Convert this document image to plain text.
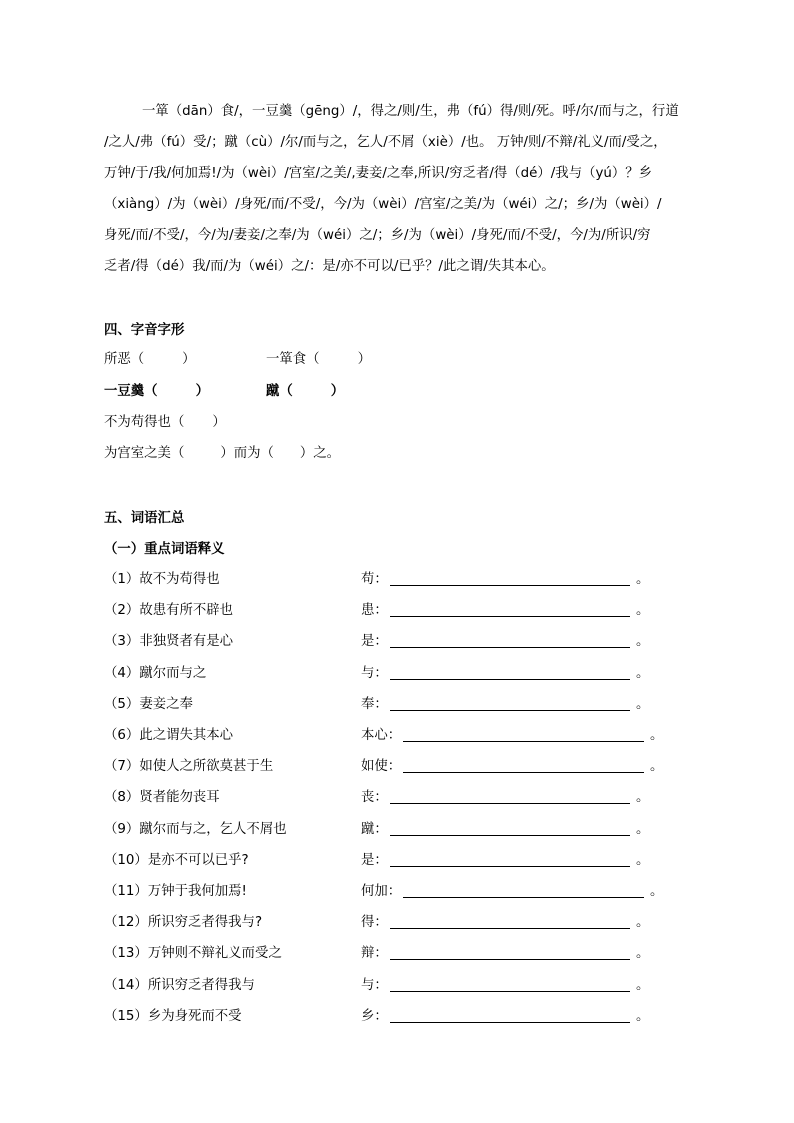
一箪（dān）食/，一豆羹（gēng）/，得之/则/生，弗（fú）得/则/死。呼/尔/而与之，行道
/之人/弗（fú）受/；蹴（cù）/尔/而与之，乞人/不屑（xiè）/也。 万钟/则/不辩/礼义/而/受之，
万钟/于/我/何加焉!/为（wèi）/宫室/之美/,妻妾/之奉,所识/穷乏者/得（dé）/我与（yú）？乡
（xiàng）/为（wèi）/身死/而/不受/，今/为（wèi）/宫室/之美/为（wéi）之/；乡/为（wèi）/
身死/而/不受/，今/为/妻妾/之奉/为（wéi）之/；乡/为（wèi）/身死/而/不受/，今/为/所识/穷
乏者/得（dé）我/而/为（wéi）之/：是/亦不可以/已乎？/此之谓/失其本心。
四、字音字形
所恶（	）	一箪食（	）
一豆羹（	）	蹴（	）
不为苟得也（ ）
为宫室之美（	）而为（ ）之。
五、词语汇总
（一）重点词语释义
（1）故不为苟得也	苟：	。
（2）故患有所不辟也	患：	。
（3）非独贤者有是心	是：	。
（4）蹴尔而与之	与：	。
（5）妻妾之奉	奉：	。
（6）此之谓失其本心	本心：	。
（7）如使人之所欲莫甚于生	如使：	。
（8）贤者能勿丧耳	丧：	。
（9）蹴尔而与之，乞人不屑也	蹴：	。
（10）是亦不可以已乎?	是：	。
（11）万钟于我何加焉!	何加：	。
（12）所识穷乏者得我与?	得：	。
（13）万钟则不辩礼义而受之	辩：	。
（14）所识穷乏者得我与	与：	。
（15）乡为身死而不受	乡：	。
